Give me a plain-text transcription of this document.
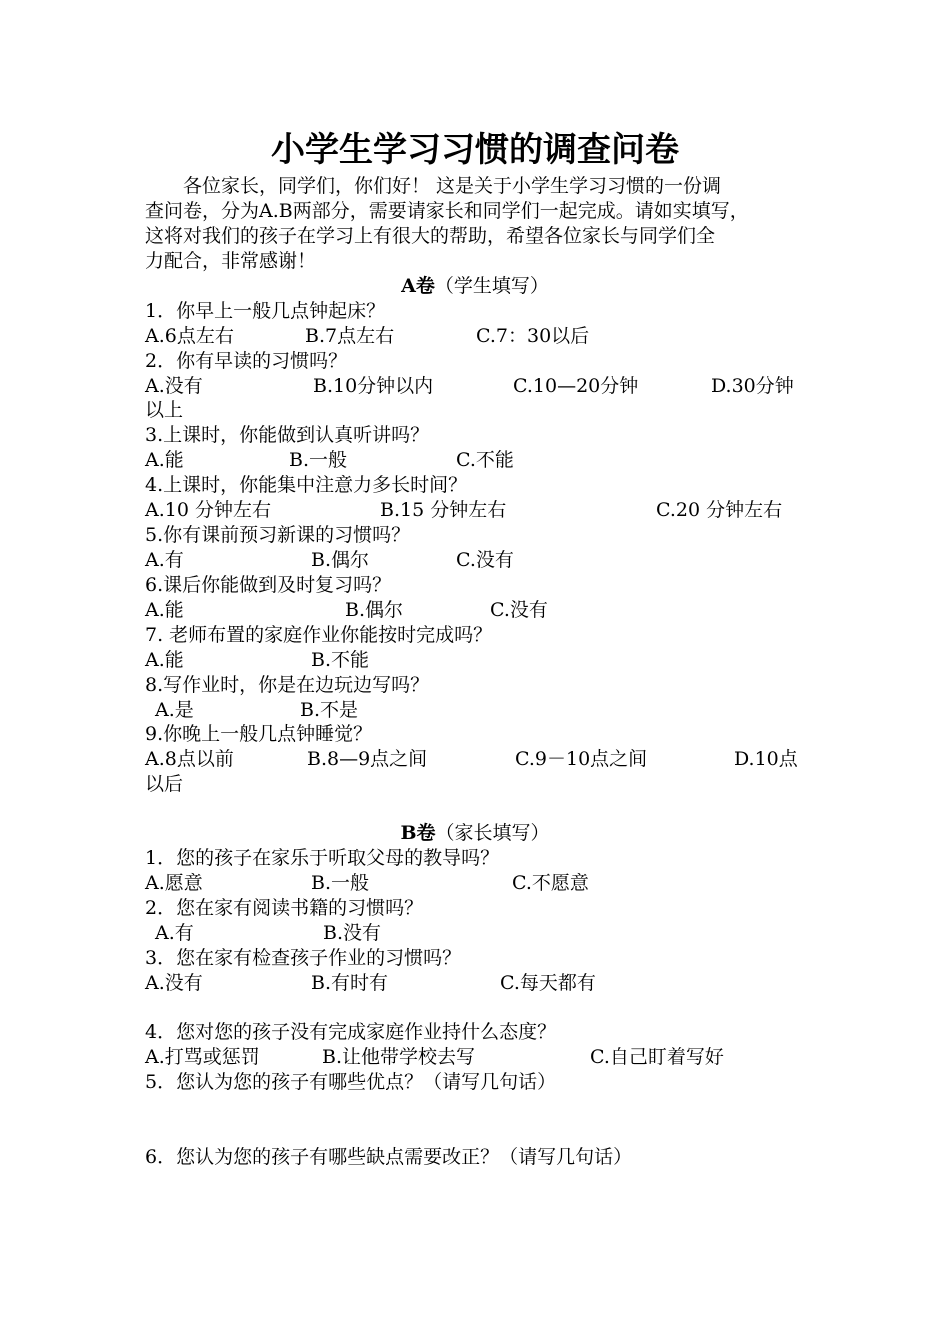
小学生学习习惯的调查问卷
各位家长，同学们，你们好！ 这是关于小学生学习习惯的一份调
查问卷，分为A.B两部分，需要请家长和同学们一起完成。请如实填写，
这将对我们的孩子在学习上有很大的帮助，希望各位家长与同学们全
力配合，非常感谢！
A卷（学生填写）
1．你早上一般几点钟起床？
A.6点左右	B.7点左右	C.7：30以后
2．你有早读的习惯吗？
A.没有	B.10分钟以内	C.10—20分钟	D.30分钟
以上
3.上课时，你能做到认真听讲吗？
A.能	B.一般	C.不能
4.上课时，你能集中注意力多长时间？
A.10 分钟左右	B.15 分钟左右	C.20 分钟左右
5.你有课前预习新课的习惯吗？
A.有	B.偶尔	C.没有
6.课后你能做到及时复习吗？
A.能	B.偶尔	C.没有
7. 老师布置的家庭作业你能按时完成吗？
A.能	B.不能
8.写作业时，你是在边玩边写吗？
A.是	B.不是
9.你晚上一般几点钟睡觉？
A.8点以前	B.8—9点之间	C.9－10点之间	D.10点
以后
B卷（家长填写）
1．您的孩子在家乐于听取父母的教导吗？
A.愿意	B.一般	C.不愿意
2．您在家有阅读书籍的习惯吗？
A.有	B.没有
3．您在家有检查孩子作业的习惯吗？
A.没有	B.有时有	C.每天都有
4．您对您的孩子没有完成家庭作业持什么态度？
A.打骂或惩罚	B.让他带学校去写	C.自己盯着写好
5．您认为您的孩子有哪些优点？（请写几句话）
6．您认为您的孩子有哪些缺点需要改正？（请写几句话）
